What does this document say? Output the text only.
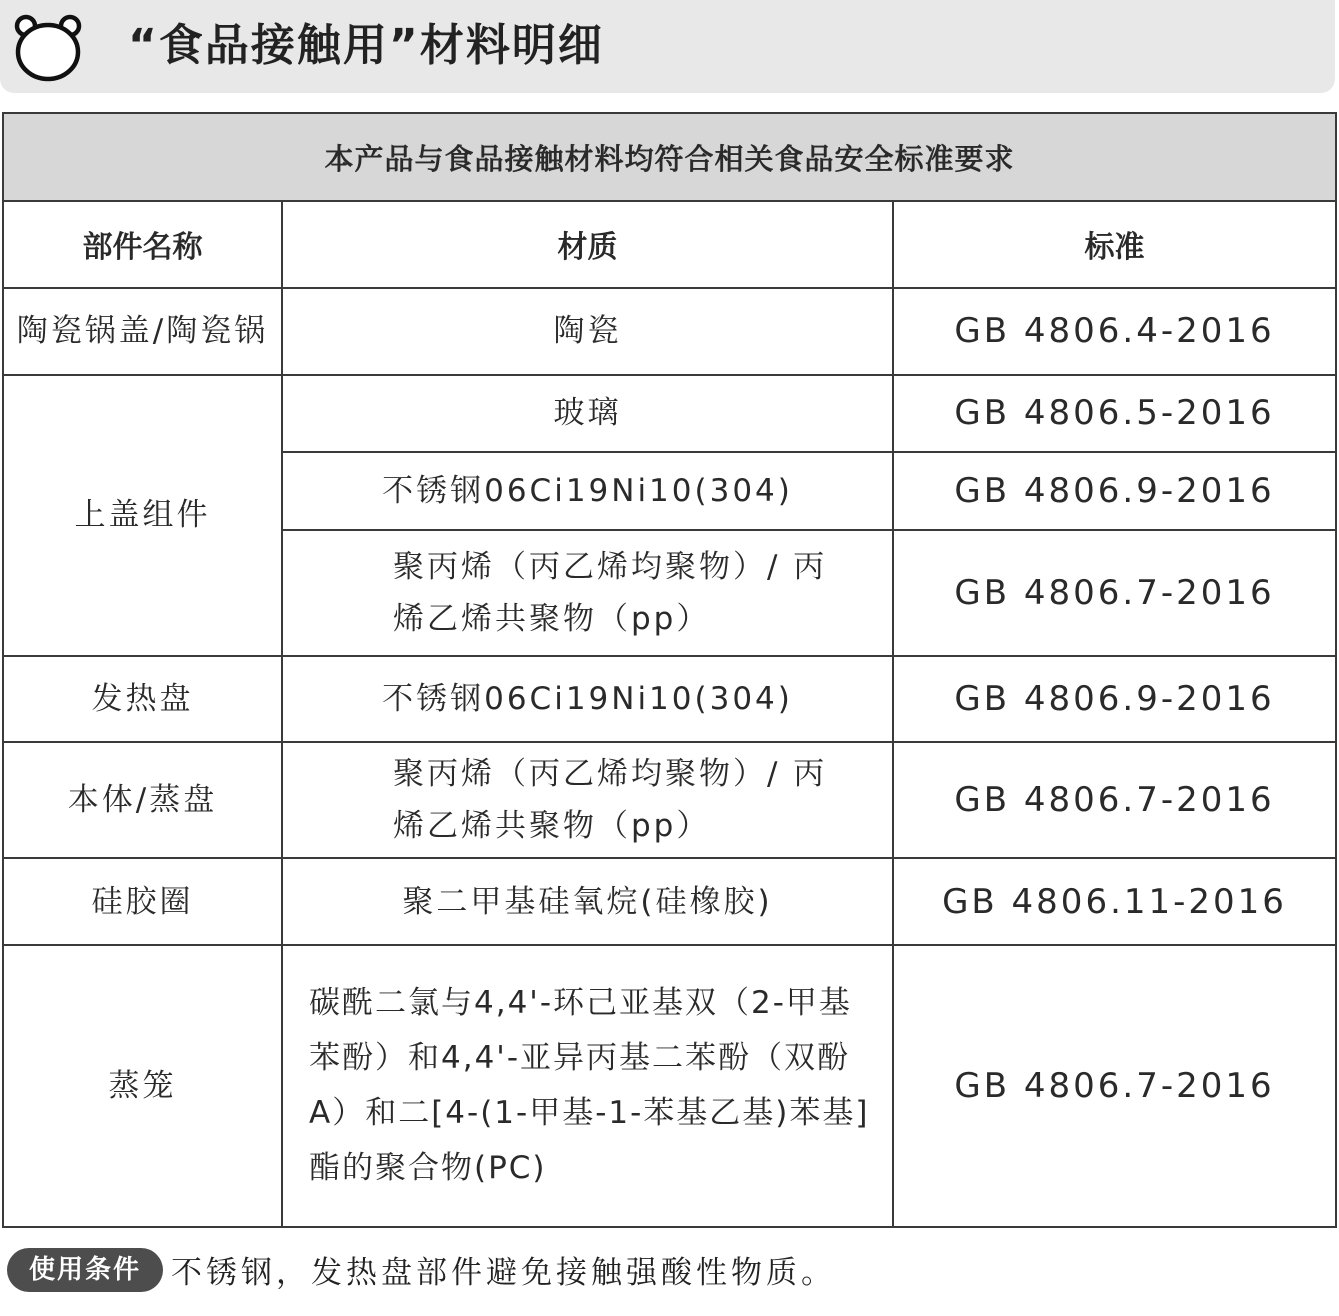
“食品接触用”材料明细
本产品与食品接触材料均符合相关食品安全标准要求		
部件名称	材质	标准
陶瓷锅盖/陶瓷锅	陶瓷	GB 4806.4-2016
上盖组件	玻璃	GB 4806.5-2016
	不锈钢06Ci19Ni10(304)	GB 4806.9-2016
	聚丙烯（丙乙烯均聚物）/ 丙烯乙烯共聚物（pp）	GB 4806.7-2016
发热盘	不锈钢06Ci19Ni10(304)	GB 4806.9-2016
本体/蒸盘	聚丙烯（丙乙烯均聚物）/ 丙烯乙烯共聚物（pp）	GB 4806.7-2016
硅胶圈	聚二甲基硅氧烷(硅橡胶)	GB 4806.11-2016
蒸笼	碳酰二氯与4,4'-环己亚基双（2-甲基苯酚）和4,4'-亚异丙基二苯酚（双酚A）和二[4-(1-甲基-1-苯基乙基)苯基]酯的聚合物(PC)	GB 4806.7-2016

使用条件 不锈钢，发热盘部件避免接触强酸性物质。		
